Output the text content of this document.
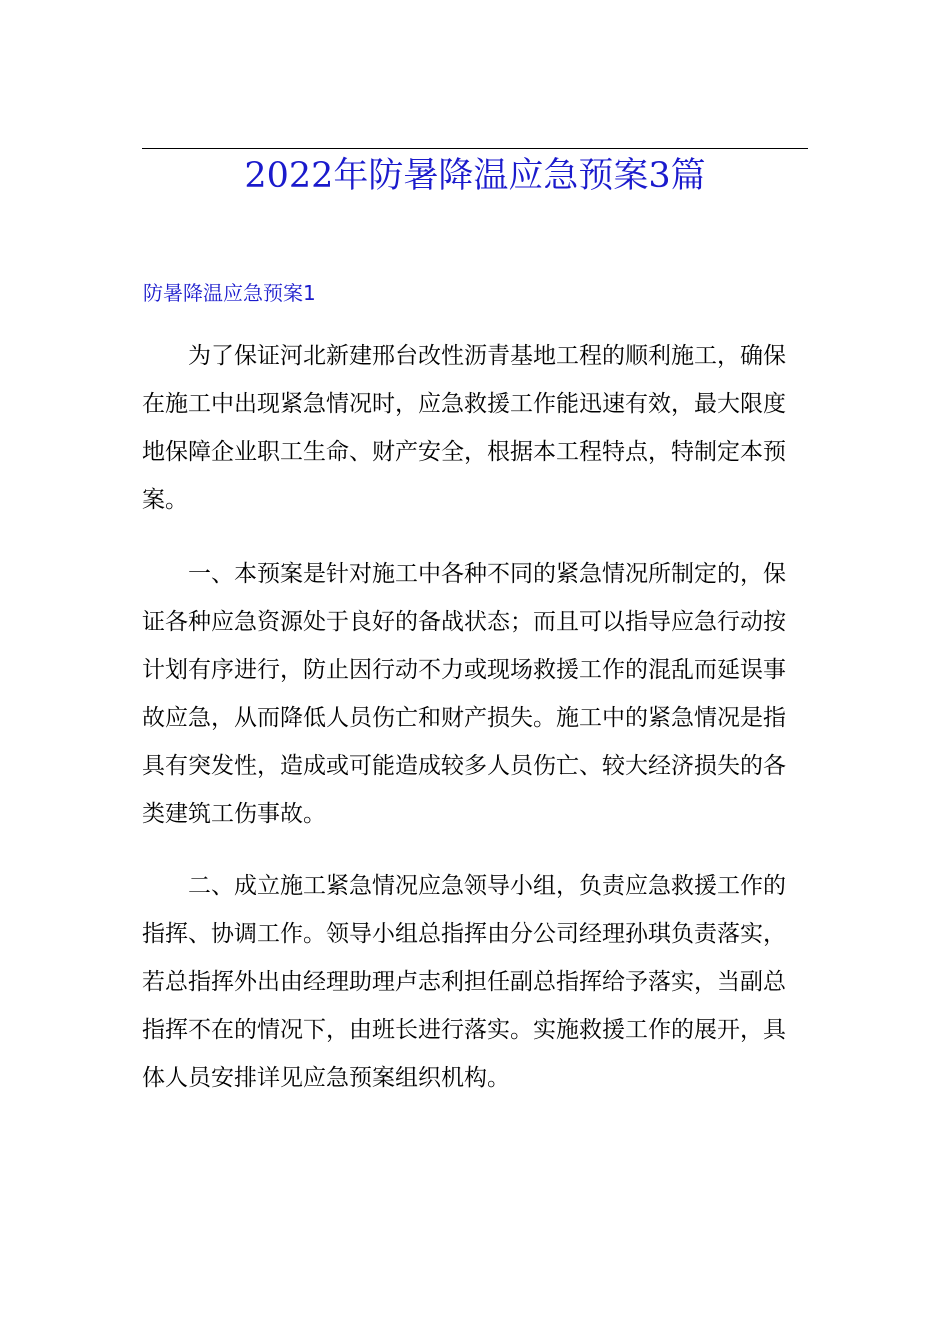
2022年防暑降温应急预案3篇
防暑降温应急预案1
为了保证河北新建邢台改性沥青基地工程的顺利施工，确保
在施工中出现紧急情况时，应急救援工作能迅速有效，最大限度
地保障企业职工生命、财产安全，根据本工程特点，特制定本预
案。
一、本预案是针对施工中各种不同的紧急情况所制定的，保
证各种应急资源处于良好的备战状态；而且可以指导应急行动按
计划有序进行，防止因行动不力或现场救援工作的混乱而延误事
故应急，从而降低人员伤亡和财产损失。施工中的紧急情况是指
具有突发性，造成或可能造成较多人员伤亡、较大经济损失的各
类建筑工伤事故。
二、成立施工紧急情况应急领导小组，负责应急救援工作的
指挥、协调工作。领导小组总指挥由分公司经理孙琪负责落实，
若总指挥外出由经理助理卢志利担任副总指挥给予落实，当副总
指挥不在的情况下，由班长进行落实。实施救援工作的展开，具
体人员安排详见应急预案组织机构。
